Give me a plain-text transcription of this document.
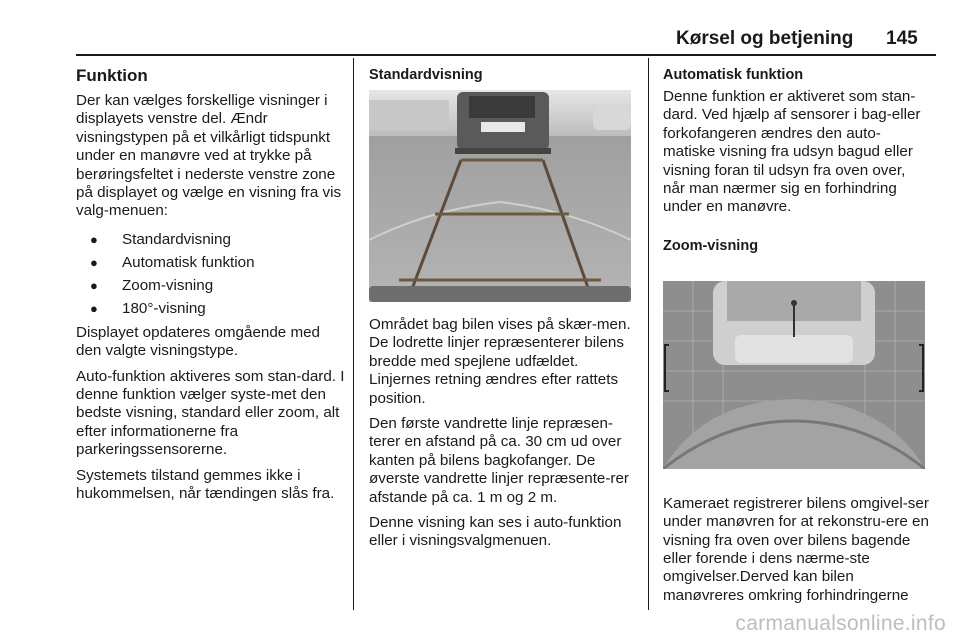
Kørsel og betjening 145
Funktion

Der kan vælges forskellige visninger i displayets venstre del. Ændr visningstypen på et vilkårligt tidspunkt under en manøvre ved at trykke på berøringsfeltet i nederste venstre zone på displayet og vælge en visning fra vis valg-menuen:

● Standardvisning
● Automatisk funktion
● Zoom-visning
● 180°-visning

Displayet opdateres omgående med den valgte visningstype.

Auto-funktion aktiveres som stan-dard. I denne funktion vælger syste-met den bedste visning, standard eller zoom, alt efter informationerne fra parkeringssensorerne.

Systemets tilstand gemmes ikke i hukommelsen, når tændingen slås fra.

Standardvisning

Området bag bilen vises på skær-men. De lodrette linjer repræsenterer bilens bredde med spejlene udfældet. Linjernes retning ændres efter rattets position.

Den første vandrette linje repræsen-terer en afstand på ca. 30 cm ud over kanten på bilens bagkofanger. De øverste vandrette linjer repræsente-rer afstande på ca. 1 m og 2 m.

Denne visning kan ses i auto-funktion eller i visningsvalgmenuen.

Automatisk funktion

Denne funktion er aktiveret som stan-dard. Ved hjælp af sensorer i bag-eller forkofangeren ændres den auto-matiske visning fra udsyn bagud eller visning foran til udsyn fra oven over, når man nærmer sig en forhindring under en manøvre.

Zoom-visning

Kameraet registrerer bilens omgivel-ser under manøvren for at rekonstru-ere en visning fra oven over bilens bagende eller forende i dens nærme-ste omgivelser.Derved kan bilen manøvreres omkring forhindringerne

carmanualsonline.info
